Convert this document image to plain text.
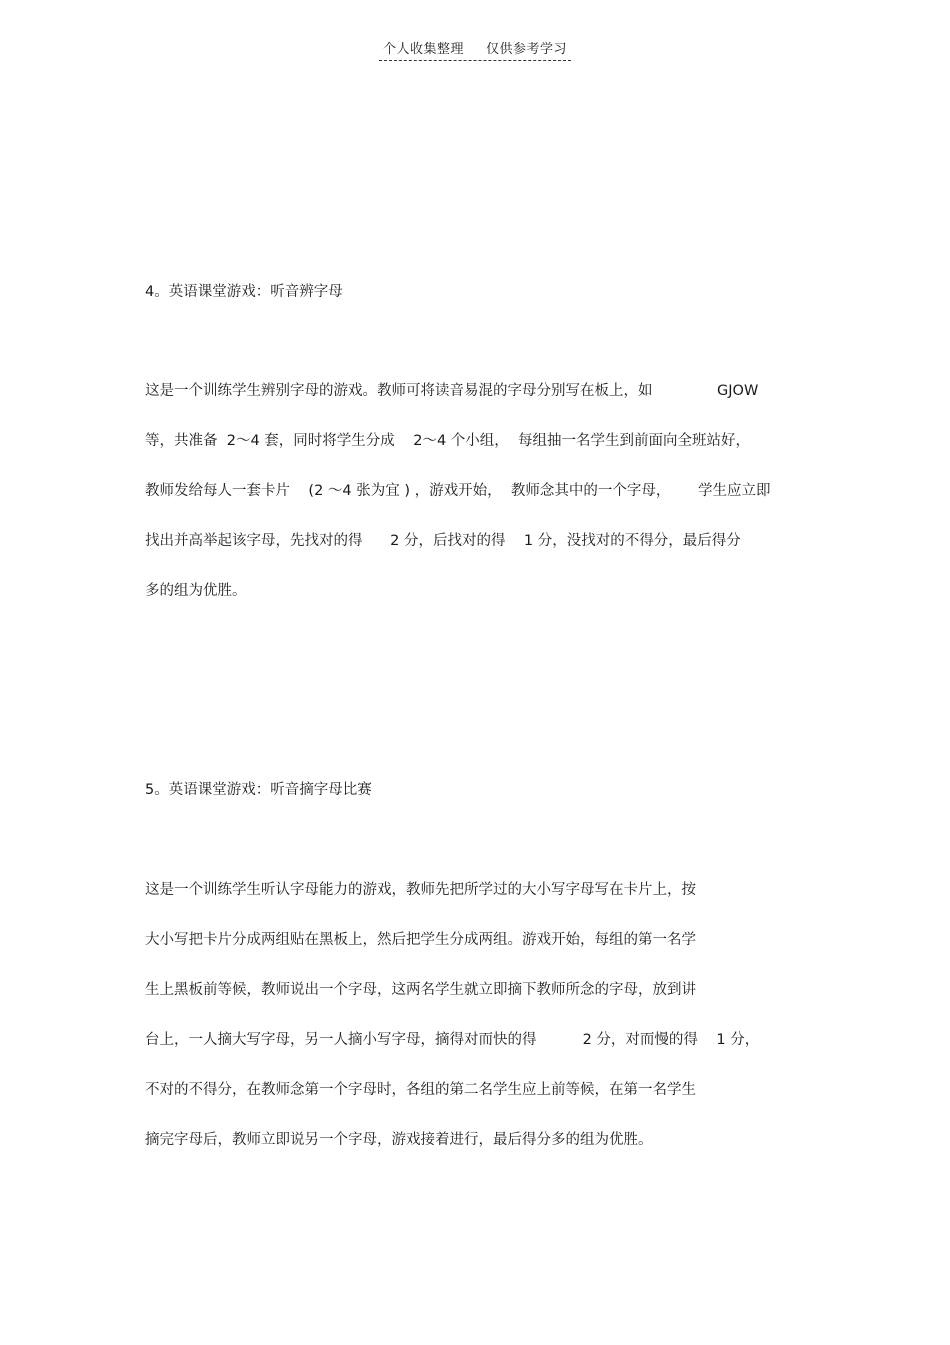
个人收集整理 仅供参考学习
4。英语课堂游戏：听音辨字母
这是一个训练学生辨别字母的游戏。教师可将读音易混的字母分别写在板上，如              GJOW
等，共准备  2～4 套，同时将学生分成    2～4 个小组，  每组抽一名学生到前面向全班站好，
教师发给每人一套卡片    (2 ～4 张为宜 ) ，游戏开始，  教师念其中的一个字母，      学生应立即
找出并高举起该字母，先找对的得      2 分，后找对的得    1 分，没找对的不得分，最后得分
多的组为优胜。
5。英语课堂游戏：听音摘字母比赛
这是一个训练学生听认字母能力的游戏，教师先把所学过的大小写字母写在卡片上，按
大小写把卡片分成两组贴在黑板上，然后把学生分成两组。游戏开始，每组的第一名学
生上黑板前等候，教师说出一个字母，这两名学生就立即摘下教师所念的字母，放到讲
台上，一人摘大写字母，另一人摘小写字母，摘得对而快的得          2 分，对而慢的得    1 分，
不对的不得分，在教师念第一个字母时，各组的第二名学生应上前等候，在第一名学生
摘完字母后，教师立即说另一个字母，游戏接着进行，最后得分多的组为优胜。
